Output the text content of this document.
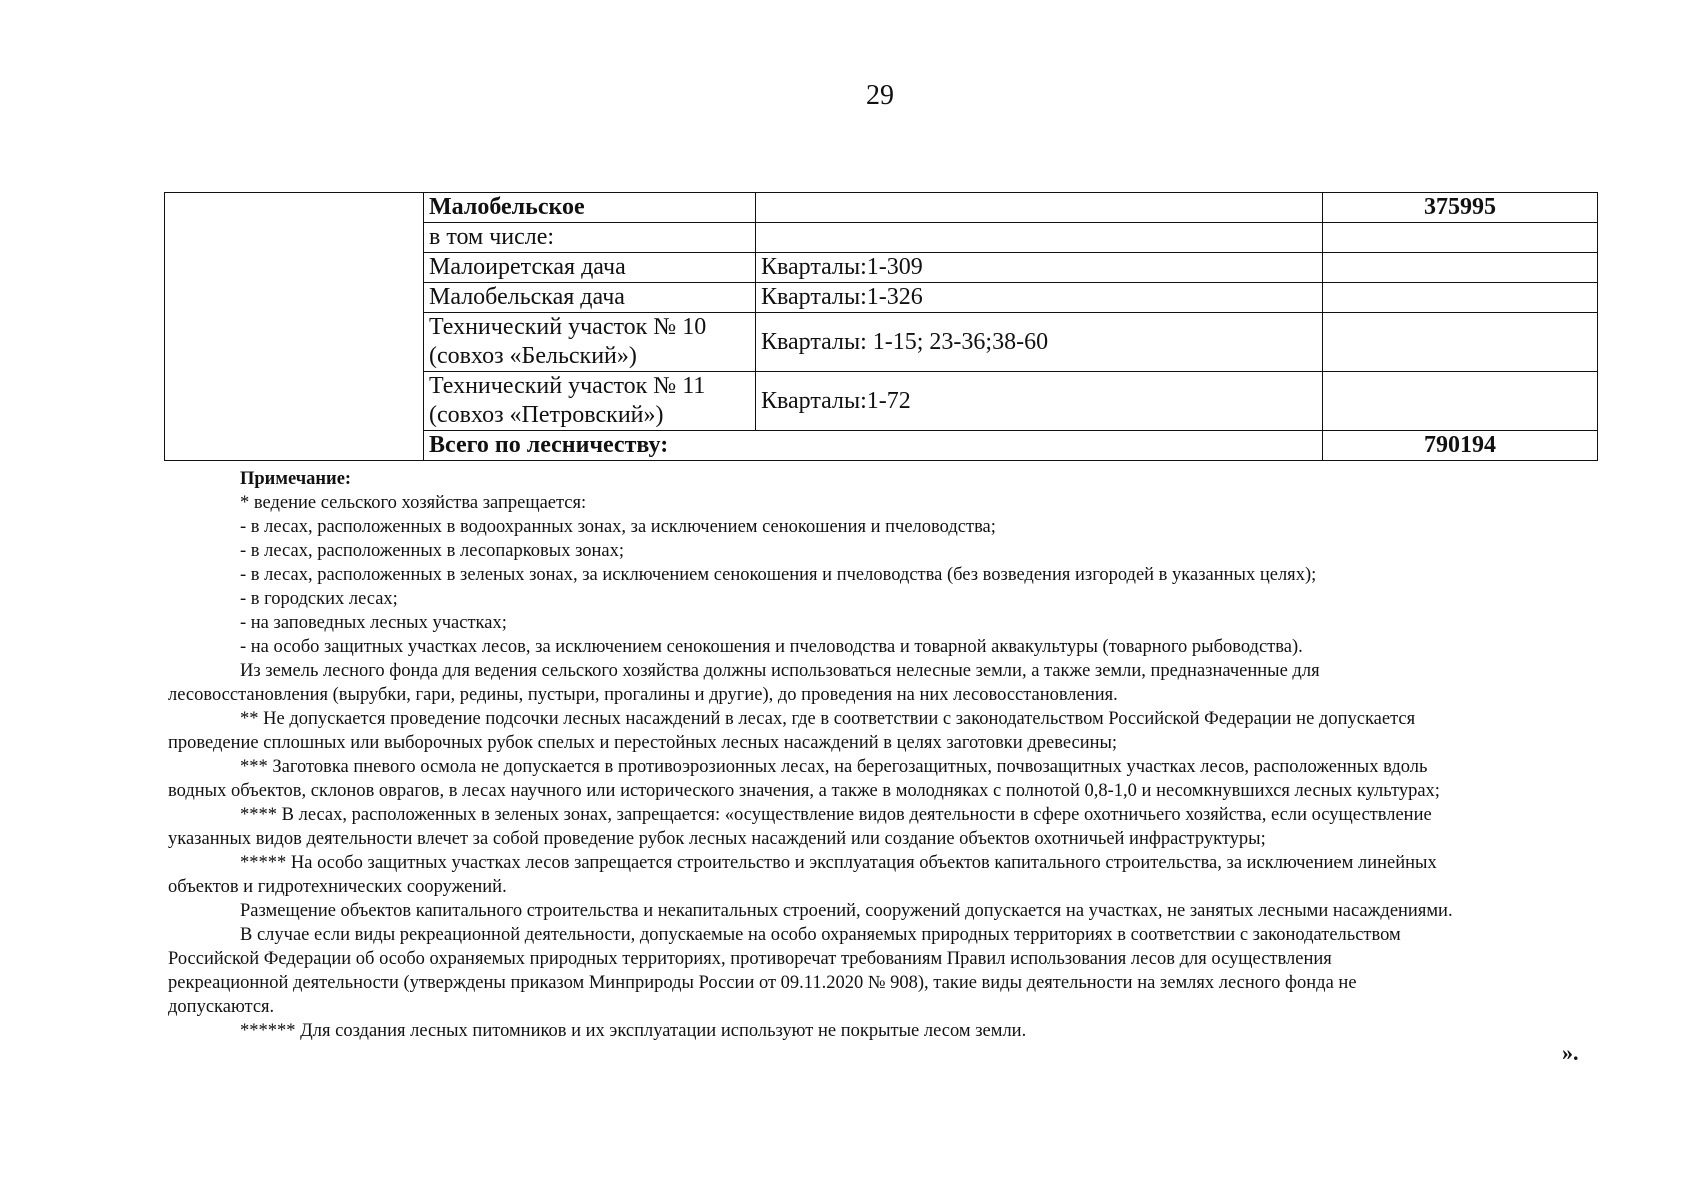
29
	Малобельское		375995
	в том числе:		
	Малоиретская дача	Кварталы:1-309	
	Малобельская дача	Кварталы:1-326	

	Технический участок № 10
(совхоз «Бельский»)	Кварталы: 1-15; 23-36;38-60	

	Технический участок № 11
(совхоз «Петровский»)	Кварталы:1-72	
	Всего по лесничеству:		790194

Примечание:

* ведение сельского хозяйства запрещается:

- в лесах, расположенных в водоохранных зонах, за исключением сенокошения и пчеловодства;

- в лесах, расположенных в лесопарковых зонах;

- в лесах, расположенных в зеленых зонах, за исключением сенокошения и пчеловодства (без возведения изгородей в указанных целях);

- в городских лесах;

- на заповедных лесных участках;

- на особо защитных участках лесов, за исключением сенокошения и пчеловодства и товарной аквакультуры (товарного рыбоводства).

Из земель лесного фонда для ведения сельского хозяйства должны использоваться нелесные земли, а также земли, предназначенные для

лесовосстановления (вырубки, гари, редины, пустыри, прогалины и другие), до проведения на них лесовосстановления.

** Не допускается проведение подсочки лесных насаждений в лесах, где в соответствии с законодательством Российской Федерации не допускается

проведение сплошных или выборочных рубок спелых и перестойных лесных насаждений в целях заготовки древесины;

*** Заготовка пневого осмола не допускается в противоэрозионных лесах, на берегозащитных, почвозащитных участках лесов, расположенных вдоль

водных объектов, склонов оврагов, в лесах научного или исторического значения, а также в молодняках с полнотой 0,8-1,0 и несомкнувшихся лесных культурах;

**** В лесах, расположенных в зеленых зонах, запрещается: «осуществление видов деятельности в сфере охотничьего хозяйства, если осуществление

указанных видов деятельности влечет за собой проведение рубок лесных насаждений или создание объектов охотничьей инфраструктуры;

***** На особо защитных участках лесов запрещается строительство и эксплуатация объектов капитального строительства, за исключением линейных

объектов и гидротехнических сооружений.

Размещение объектов капитального строительства и некапитальных строений, сооружений допускается на участках, не занятых лесными насаждениями.

В случае если виды рекреационной деятельности, допускаемые на особо охраняемых природных территориях в соответствии с законодательством

Российской Федерации об особо охраняемых природных территориях, противоречат требованиям Правил использования лесов для осуществления

рекреационной деятельности (утверждены приказом Минприроды России от 09.11.2020 № 908), такие виды деятельности на землях лесного фонда не

допускаются.

****** Для создания лесных питомников и их эксплуатации используют не покрытые лесом земли.

».
